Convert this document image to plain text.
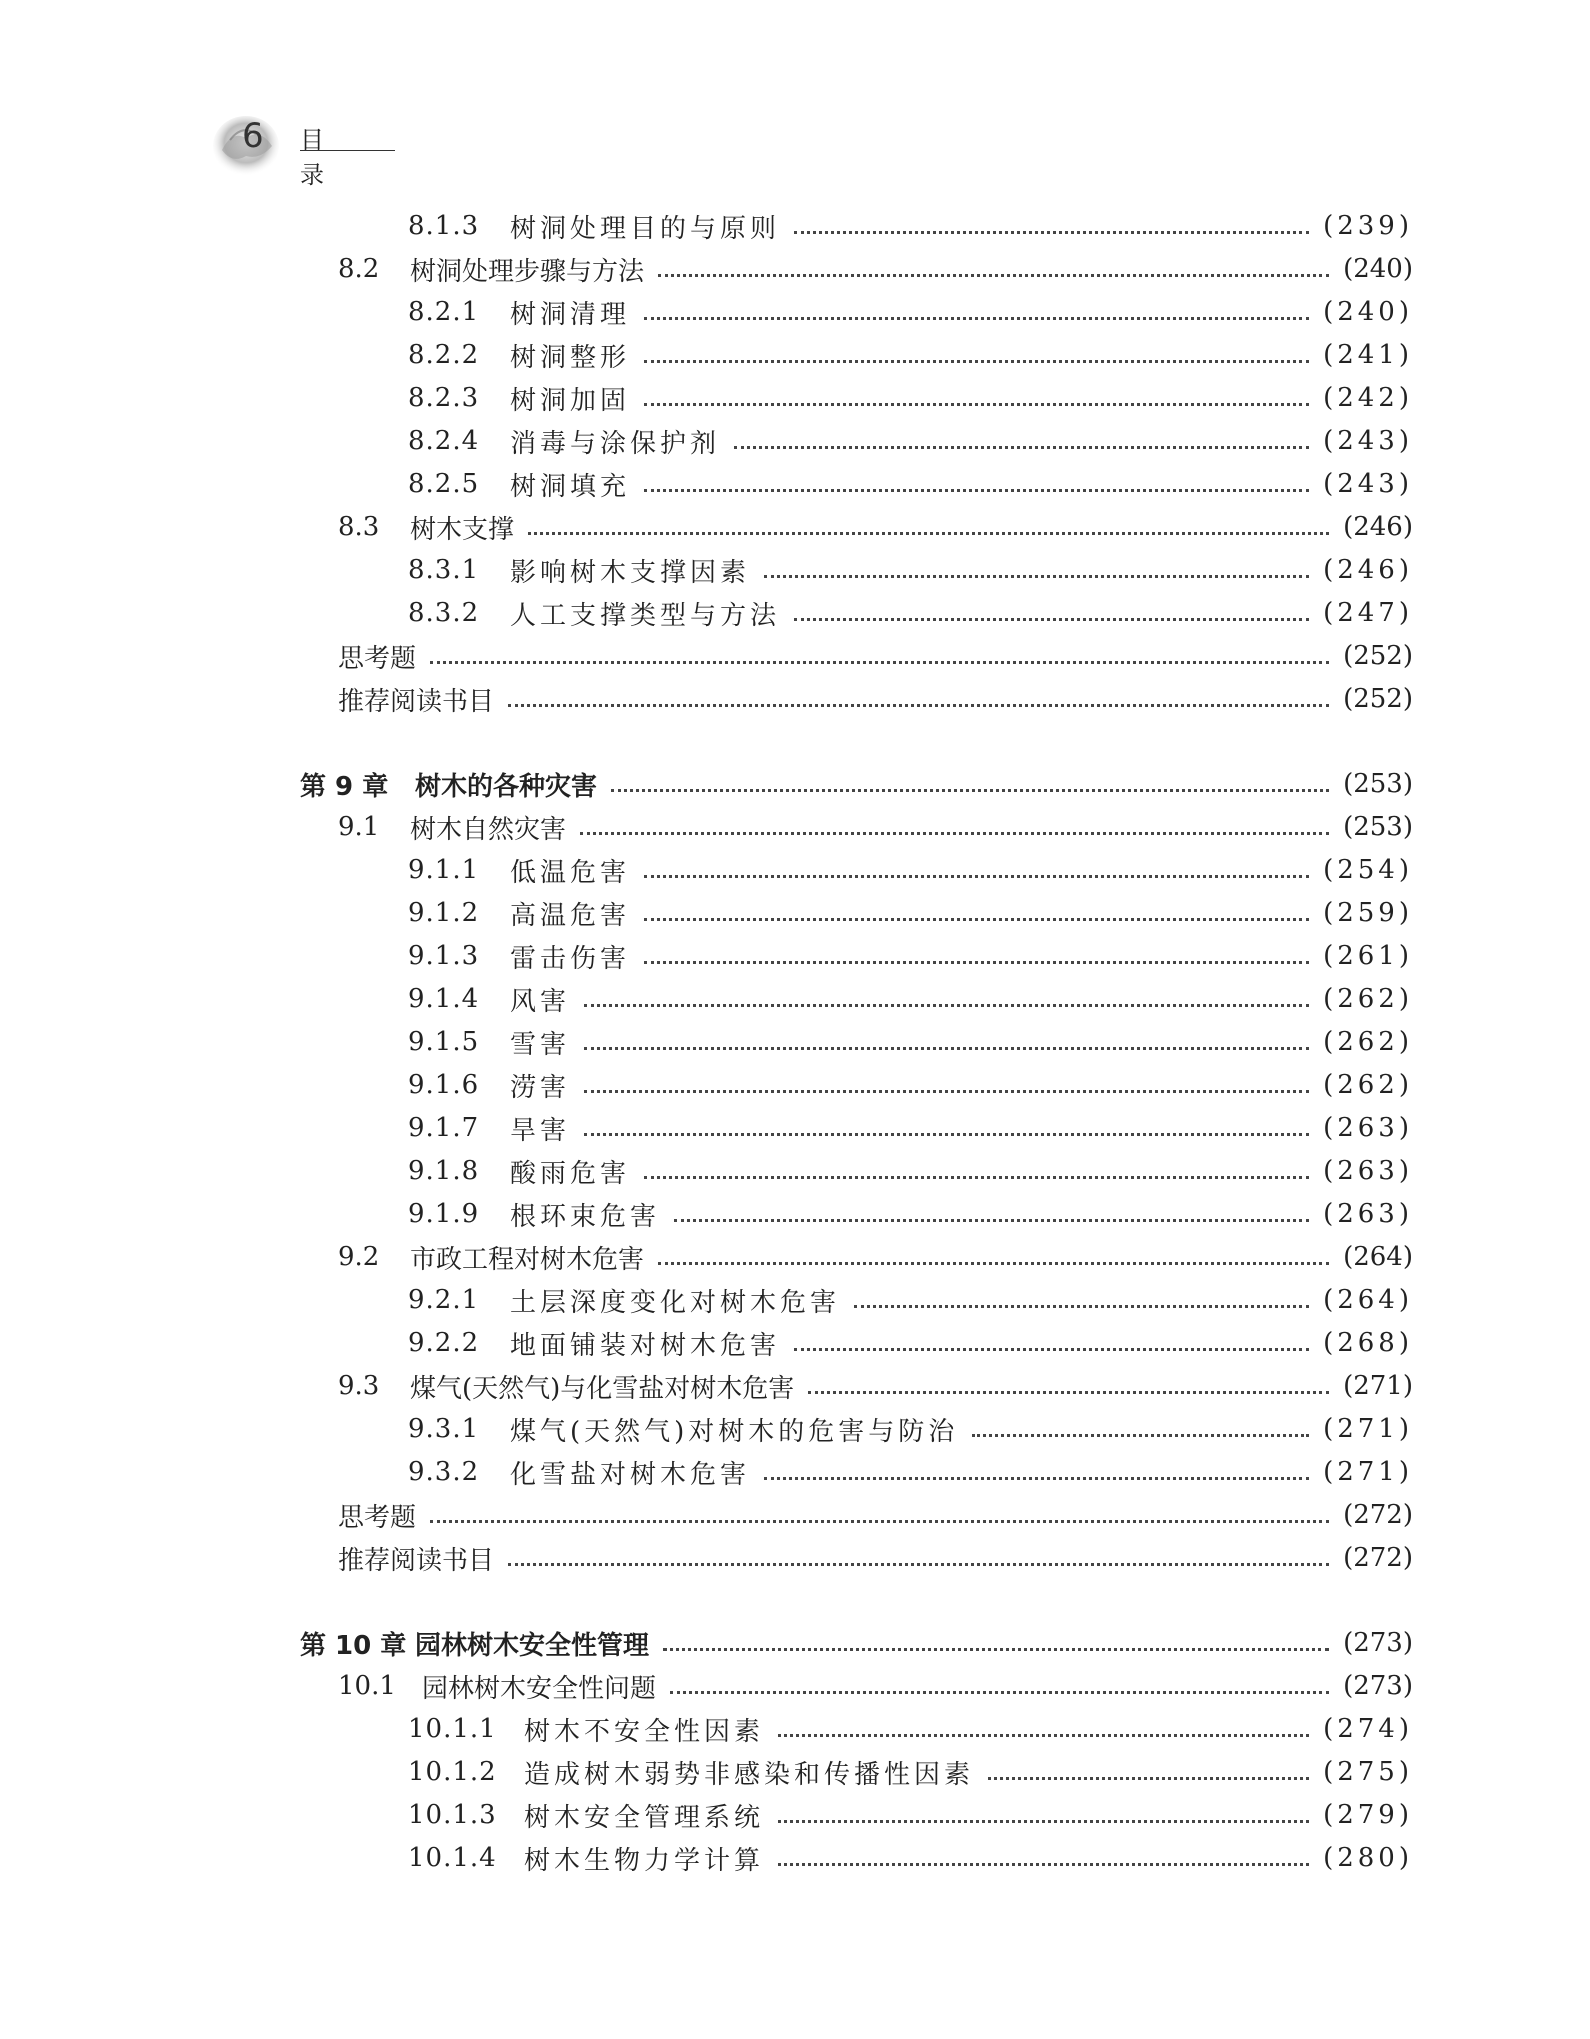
6 目 录
8.1.3	树洞处理目的与原则	(239)
8.2	树洞处理步骤与方法	(240)
8.2.1	树洞清理	(240)
8.2.2	树洞整形	(241)
8.2.3	树洞加固	(242)
8.2.4	消毒与涂保护剂	(243)
8.2.5	树洞填充	(243)
8.3	树木支撑	(246)
8.3.1	影响树木支撑因素	(246)
8.3.2	人工支撑类型与方法	(247)
思考题	(252)
推荐阅读书目	(252)
第 9 章	树木的各种灾害	(253)
9.1	树木自然灾害	(253)
9.1.1	低温危害	(254)
9.1.2	高温危害	(259)
9.1.3	雷击伤害	(261)
9.1.4	风害	(262)
9.1.5	雪害	(262)
9.1.6	涝害	(262)
9.1.7	旱害	(263)
9.1.8	酸雨危害	(263)
9.1.9	根环束危害	(263)
9.2	市政工程对树木危害	(264)
9.2.1	土层深度变化对树木危害	(264)
9.2.2	地面铺装对树木危害	(268)
9.3	煤气(天然气)与化雪盐对树木危害	(271)
9.3.1	煤气(天然气)对树木的危害与防治	(271)
9.3.2	化雪盐对树木危害	(271)
思考题	(272)
推荐阅读书目	(272)
第 10 章 园林树木安全性管理	(273)
10.1	园林树木安全性问题	(273)
10.1.1	树木不安全性因素	(274)
10.1.2	造成树木弱势非感染和传播性因素	(275)
10.1.3	树木安全管理系统	(279)
10.1.4	树木生物力学计算	(280)
